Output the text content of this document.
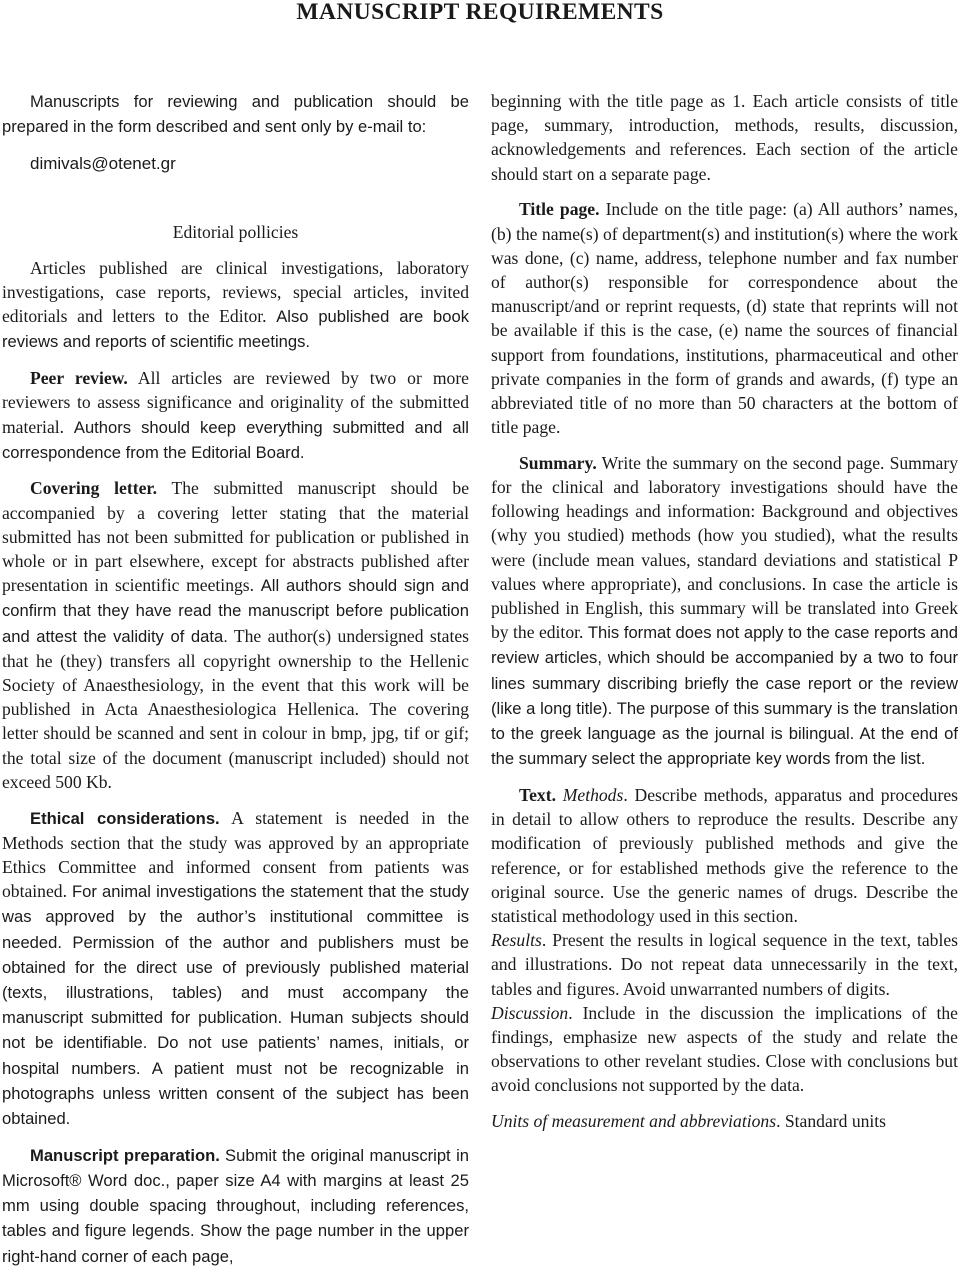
MANUSCRIPT REQUIREMENTS

Manuscripts for reviewing and publication should be prepared in the form described and sent only by e-mail to:
dimivals@otenet.gr

Editorial pollicies

Articles published are clinical investigations, laboratory investigations, case reports, reviews, special articles, invited editorials and letters to the Editor. Also published are book reviews and reports of scientific meetings.

Peer review. All articles are reviewed by two or more reviewers to assess significance and originality of the submitted material. Authors should keep everything submitted and all correspondence from the Editorial Board.

Covering letter. The submitted manuscript should be accompanied by a covering letter stating that the material submitted has not been submitted for publication or published in whole or in part elsewhere, except for abstracts published after presentation in scientific meetings. All authors should sign and confirm that they have read the manuscript before publication and attest the validity of data. The author(s) undersigned states that he (they) transfers all copyright ownership to the Hellenic Society of Anaesthesiology, in the event that this work will be published in Acta Anaesthesiologica Hellenica. The covering letter should be scanned and sent in colour in bmp, jpg, tif or gif; the total size of the document (manuscript included) should not exceed 500 Kb.

Ethical considerations. A statement is needed in the Methods section that the study was approved by an appropriate Ethics Committee and informed consent from patients was obtained. For animal investigations the statement that the study was approved by the author’s institutional committee is needed. Permission of the author and publishers must be obtained for the direct use of previously published material (texts, illustrations, tables) and must accompany the manuscript submitted for publication. Human subjects should not be identifiable. Do not use patients’ names, initials, or hospital numbers. A patient must not be recognizable in photographs unless written consent of the subject has been obtained.

Manuscript preparation. Submit the original manuscript in Microsoft® Word doc., paper size A4 with margins at least 25 mm using double spacing throughout, including references, tables and figure legends. Show the page number in the upper right-hand corner of each page,

beginning with the title page as 1. Each article consists of title page, summary, introduction, methods, results, discussion, acknowledgements and references. Each section of the article should start on a separate page.

Title page. Include on the title page: (a) All authors’ names, (b) the name(s) of department(s) and institution(s) where the work was done, (c) name, address, telephone number and fax number of author(s) responsible for correspondence about the manuscript/and or reprint requests, (d) state that reprints will not be available if this is the case, (e) name the sources of financial support from foundations, institutions, pharmaceutical and other private companies in the form of grands and awards, (f) type an abbreviated title of no more than 50 characters at the bottom of title page.

Summary. Write the summary on the second page. Summary for the clinical and laboratory investigations should have the following headings and information: Background and objectives (why you studied) methods (how you studied), what the results were (include mean values, standard deviations and statistical P values where appropriate), and conclusions. In case the article is published in English, this summary will be translated into Greek by the editor. This format does not apply to the case reports and review articles, which should be accompanied by a two to four lines summary discribing briefly the case report or the review (like a long title). The purpose of this summary is the translation to the greek language as the journal is bilingual. At the end of the summary select the appropriate key words from the list.

Text. Methods. Describe methods, apparatus and procedures in detail to allow others to reproduce the results. Describe any modification of previously published methods and give the reference, or for established methods give the reference to the original source. Use the generic names of drugs. Describe the statistical methodology used in this section.

Results. Present the results in logical sequence in the text, tables and illustrations. Do not repeat data unnecessarily in the text, tables and figures. Avoid unwarranted numbers of digits.

Discussion. Include in the discussion the implications of the findings, emphasize new aspects of the study and relate the observations to other revelant studies. Close with conclusions but avoid conclusions not supported by the data.

Units of measurement and abbreviations. Standard units
